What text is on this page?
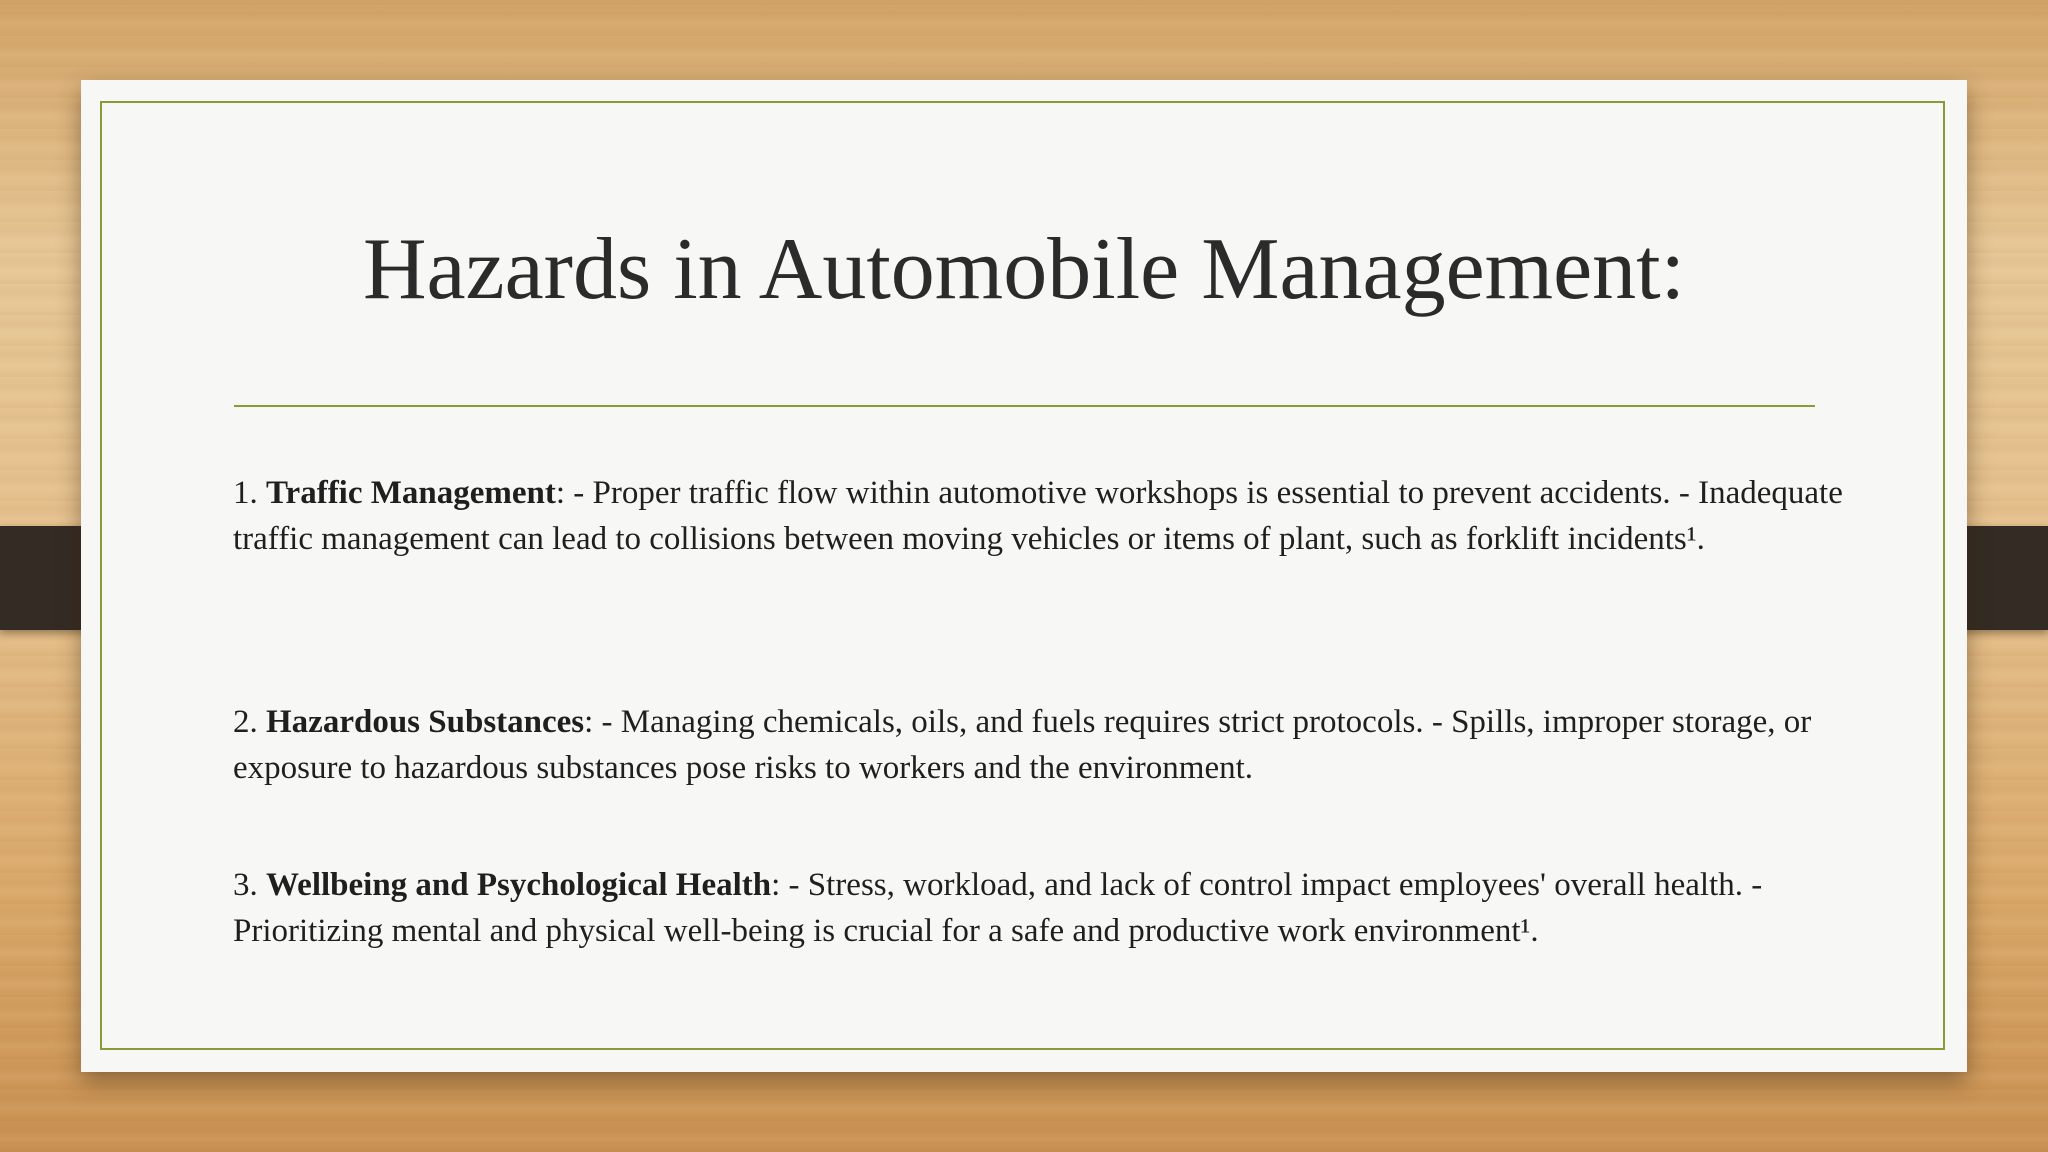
Hazards in Automobile Management:

1. Traffic Management: - Proper traffic flow within automotive workshops is essential to prevent accidents. - Inadequate traffic management can lead to collisions between moving vehicles or items of plant, such as forklift incidents¹.

2. Hazardous Substances: - Managing chemicals, oils, and fuels requires strict protocols. - Spills, improper storage, or exposure to hazardous substances pose risks to workers and the environment.

3. Wellbeing and Psychological Health: - Stress, workload, and lack of control impact employees' overall health. - Prioritizing mental and physical well-being is crucial for a safe and productive work environment¹.
